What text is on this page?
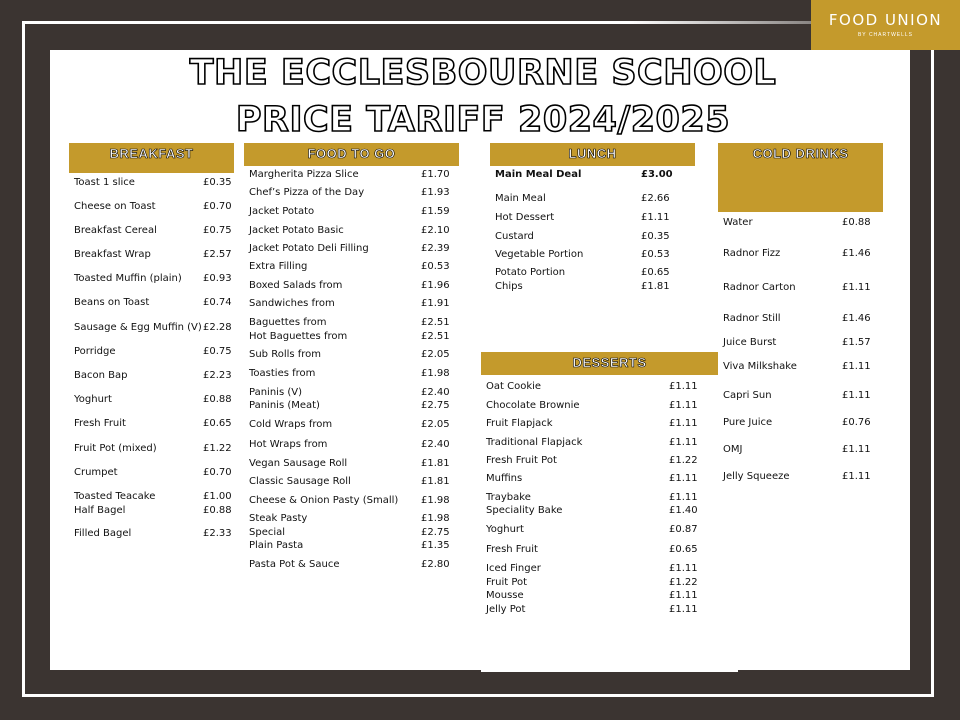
FOOD UNION
BY CHARTWELLS
THE ECCLESBOURNE SCHOOL
PRICE TARIFF 2024/2025
BREAKFAST
Toast 1 slice	£0.35
Cheese on Toast	£0.70
Breakfast Cereal	£0.75
Breakfast Wrap	£2.57
Toasted Muffin (plain) £0.93
Beans on Toast	£0.74
Sausage & Egg Muffin (V) £2.28
Porridge	£0.75
Bacon Bap	£2.23
Yoghurt	£0.88
Fresh Fruit	£0.65
Fruit Pot (mixed)	£1.22
Crumpet	£0.70
Toasted Teacake	£1.00
Half Bagel	£0.88
Filled Bagel	£2.33
FOOD TO GO
Margherita Pizza Slice	£1.70
Chef’s Pizza of the Day	£1.93
Jacket Potato	£1.59
Jacket Potato Basic	£2.10
Jacket Potato Deli Filling	£2.39
Extra Filling	£0.53
Boxed Salads from	£1.96
Sandwiches from	£1.91
Baguettes from	£2.51
Hot Baguettes from	£2.51
Sub Rolls from	£2.05
Toasties from	£1.98
Paninis (V)	£2.40
Paninis (Meat)	£2.75
Cold Wraps from	£2.05
Hot Wraps from	£2.40
Vegan Sausage Roll	£1.81
Classic Sausage Roll	£1.81
Cheese & Onion Pasty (Small) £1.98
Steak Pasty	£1.98
Special	£2.75
Plain Pasta	£1.35
Pasta Pot & Sauce	£2.80
LUNCH
Main Meal Deal	£3.00
Main Meal	£2.66
Hot Dessert	£1.11
Custard	£0.35
Vegetable Portion	£0.53
Potato Portion	£0.65
Chips	£1.81
DESSERTS
Oat Cookie	£1.11
Chocolate Brownie	£1.11
Fruit Flapjack	£1.11
Traditional Flapjack	£1.11
Fresh Fruit Pot	£1.22
Muffins	£1.11
Traybake	£1.11
Speciality Bake	£1.40
Yoghurt	£0.87
Fresh Fruit	£0.65
Iced Finger	£1.11
Fruit Pot	£1.22
Mousse	£1.11
Jelly Pot	£1.11
COLD DRINKS
Water	£0.88
Radnor Fizz	£1.46
Radnor Carton	£1.11
Radnor Still	£1.46
Juice Burst	£1.57
Viva Milkshake	£1.11
Capri Sun	£1.11
Pure Juice	£0.76
OMJ	£1.11
Jelly Squeeze	£1.11
